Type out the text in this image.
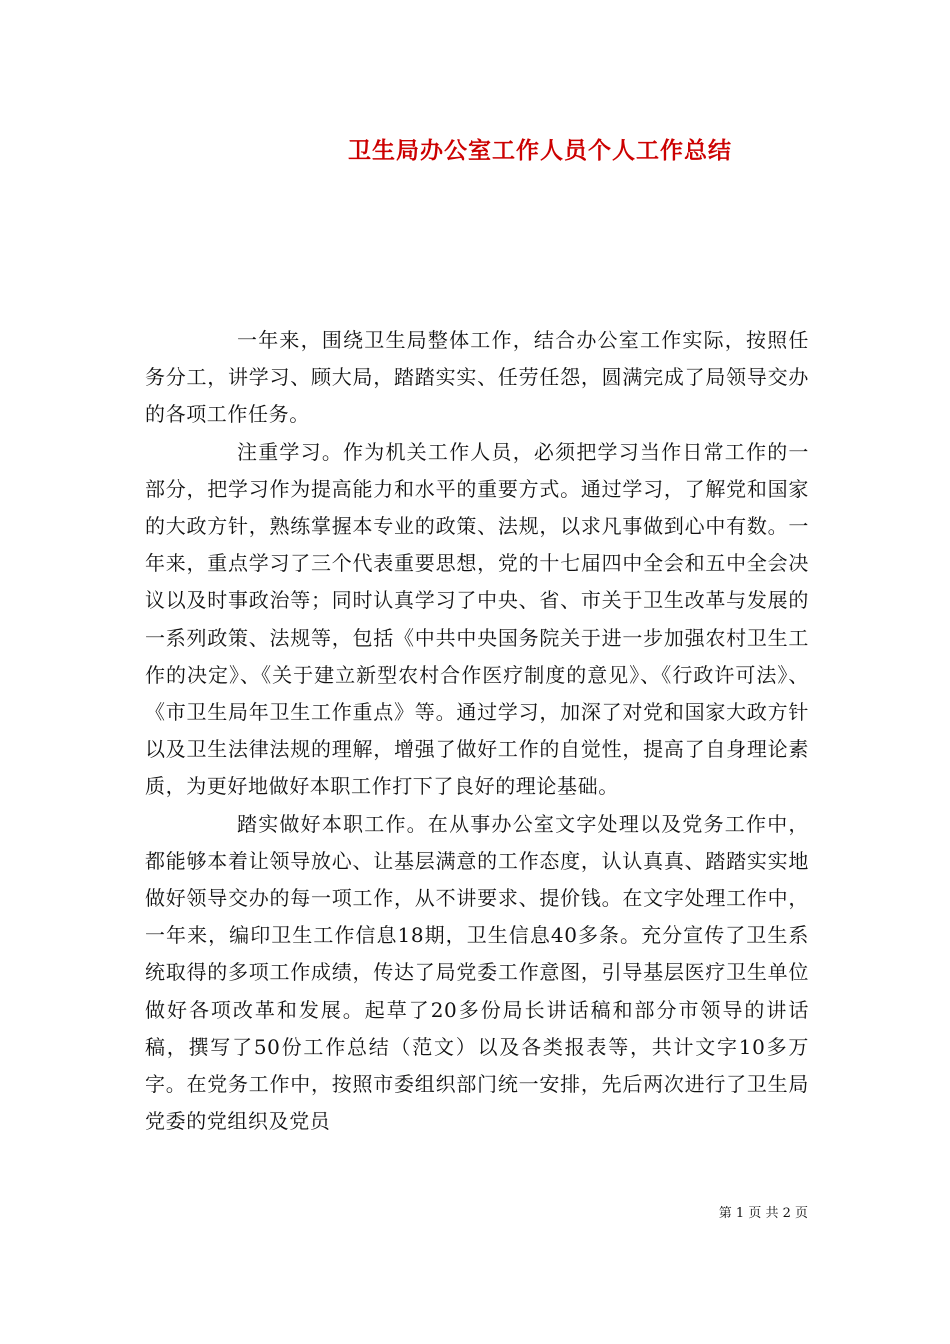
卫生局办公室工作人员个人工作总结

一年来，围绕卫生局整体工作，结合办公室工作实际，按照任务分工，讲学习、顾大局，踏踏实实、任劳任怨，圆满完成了局领导交办的各项工作任务。

注重学习。作为机关工作人员，必须把学习当作日常工作的一部分，把学习作为提高能力和水平的重要方式。通过学习，了解党和国家的大政方针，熟练掌握本专业的政策、法规，以求凡事做到心中有数。一年来，重点学习了三个代表重要思想，党的十七届四中全会和五中全会决议以及时事政治等；同时认真学习了中央、省、市关于卫生改革与发展的一系列政策、法规等，包括《中共中央国务院关于进一步加强农村卫生工作的决定》、《关于建立新型农村合作医疗制度的意见》、《行政许可法》、《市卫生局年卫生工作重点》等。通过学习，加深了对党和国家大政方针以及卫生法律法规的理解，增强了做好工作的自觉性，提高了自身理论素质，为更好地做好本职工作打下了良好的理论基础。

踏实做好本职工作。在从事办公室文字处理以及党务工作中，都能够本着让领导放心、让基层满意的工作态度，认认真真、踏踏实实地做好领导交办的每一项工作，从不讲要求、提价钱。在文字处理工作中，一年来，编印卫生工作信息18期，卫生信息40多条。充分宣传了卫生系统取得的多项工作成绩，传达了局党委工作意图，引导基层医疗卫生单位做好各项改革和发展。起草了20多份局长讲话稿和部分市领导的讲话稿，撰写了50份工作总结（范文）以及各类报表等，共计文字10多万字。在党务工作中，按照市委组织部门统一安排，先后两次进行了卫生局党委的党组织及党员

第 1 页 共 2 页
